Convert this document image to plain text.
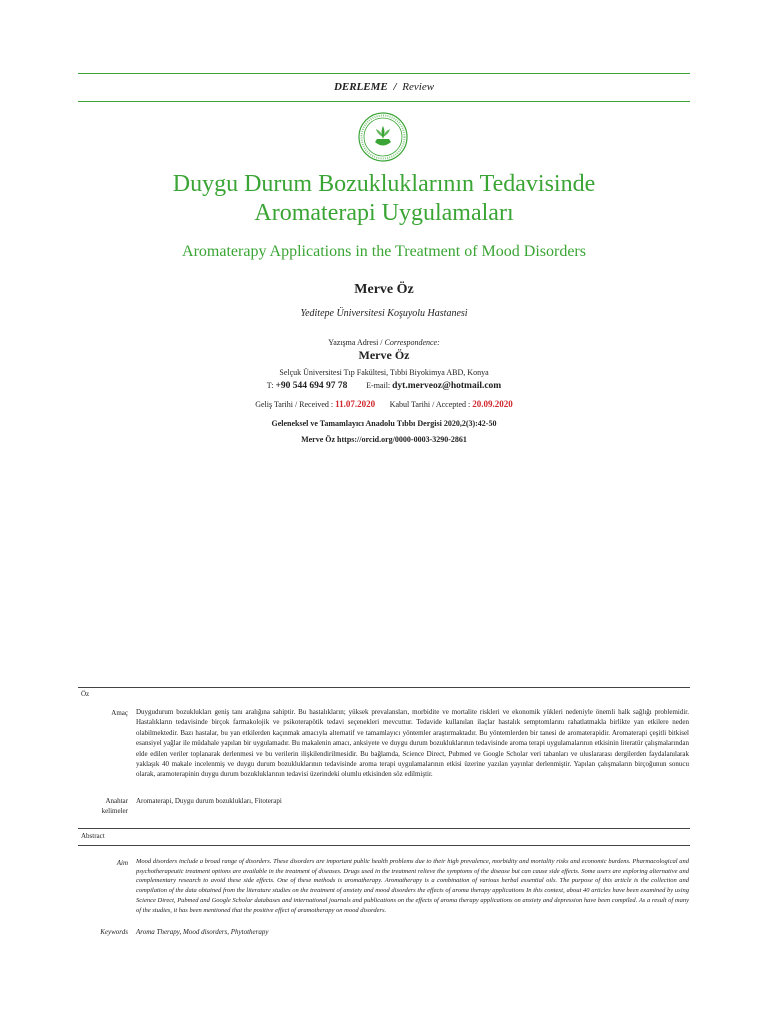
DERLEME / Review
Duygu Durum Bozukluklarının Tedavisinde
Aromaterapi Uygulamaları
Aromaterapy Applications in the Treatment of Mood Disorders
Merve Öz
Yeditepe Üniversitesi Koşuyolu Hastanesi
Yazışma Adresi / Correspondence:
Merve Öz
Selçuk Üniversitesi Tıp Fakültesi, Tıbbi Biyokimya ABD, Konya
T: +90 544 694 97 78 E-mail: dyt.merveoz@hotmail.com
Geliş Tarihi / Received : 11.07.2020 Kabul Tarihi / Accepted : 20.09.2020
Geleneksel ve Tamamlayıcı Anadolu Tıbbı Dergisi 2020,2(3):42-50
Merve Öz https://orcid.org/0000-0003-3290-2861
Öz
Amaç Duygudurum bozuklukları geniş tanı aralığına sahiptir. Bu hastalıkların; yüksek prevalansları, morbidite ve mortalite riskleri ve ekonomik yükleri nedeniyle önemli halk sağlığı problemidir. Hastalıkların tedavisinde birçok farmakolojik ve psikoterapötik tedavi seçenekleri mevcuttur. Tedavide kullanılan ilaçlar hastalık semptomlarını rahatlatmakla birlikte yan etkilere neden olabilmektedir. Bazı hastalar, bu yan etkilerden kaçınmak amacıyla alternatif ve tamamlayıcı yöntemler araştırmaktadır. Bu yöntemlerden bir tanesi de aromaterapidir. Aromaterapi çeşitli bitkisel esansiyel yağlar ile müdahale yapılan bir uygulamadır. Bu makalenin amacı, anksiyete ve duygu durum bozukluklarının tedavisinde aroma terapi uygulamalarının etkisinin literatür çalışmalarından elde edilen veriler toplanarak derlenmesi ve bu verilerin ilişkilendirilmesidir. Bu bağlamda, Science Direct, Pubmed ve Google Scholar veri tabanları ve uluslararası dergilerden faydalanılarak yaklaşık 40 makale incelenmiş ve duygu durum bozukluklarının tedavisinde aroma terapi uygulamalarının etkisi üzerine yazılan yayınlar derlenmiştir. Yapılan çalışmaların birçoğunun sonucu olarak, aramoterapinin duygu durum bozukluklarının tedavisi üzerindeki olumlu etkisinden söz edilmiştir.
Anahtar
kelimeler
Aromaterapi, Duygu durum bozuklukları, Fitoterapi
Abstract
Aim Mood disorders include a broad range of disorders. These disorders are important public health problems due to their high prevalence, morbidity and mortality risks and economic burdens. Pharmacological and psychotherapeutic treatment options are available in the treatment of diseases. Drugs used in the treatment relieve the symptoms of the disease but can cause side effects. Some users are exploring alternative and complementary research to avoid these side effects. One of these methods is aromatherapy. Aromatherapy is a combination of various herbal essential oils. The purpose of this article is the collection and compilation of the data obtained from the literature studies on the treatment of anxiety and mood disorders the effects of aroma therapy applications In this context, about 40 articles have been examined by using Science Direct, Pubmed and Google Scholar databases and international journals and publications on the effects of aroma therapy applications on anxiety and depression have been compiled. As a result of many of the studies, it has been mentioned that the positive effect of aramotherapy on mood disorders.
Keywords Aroma Therapy, Mood disorders, Phytotherapy
